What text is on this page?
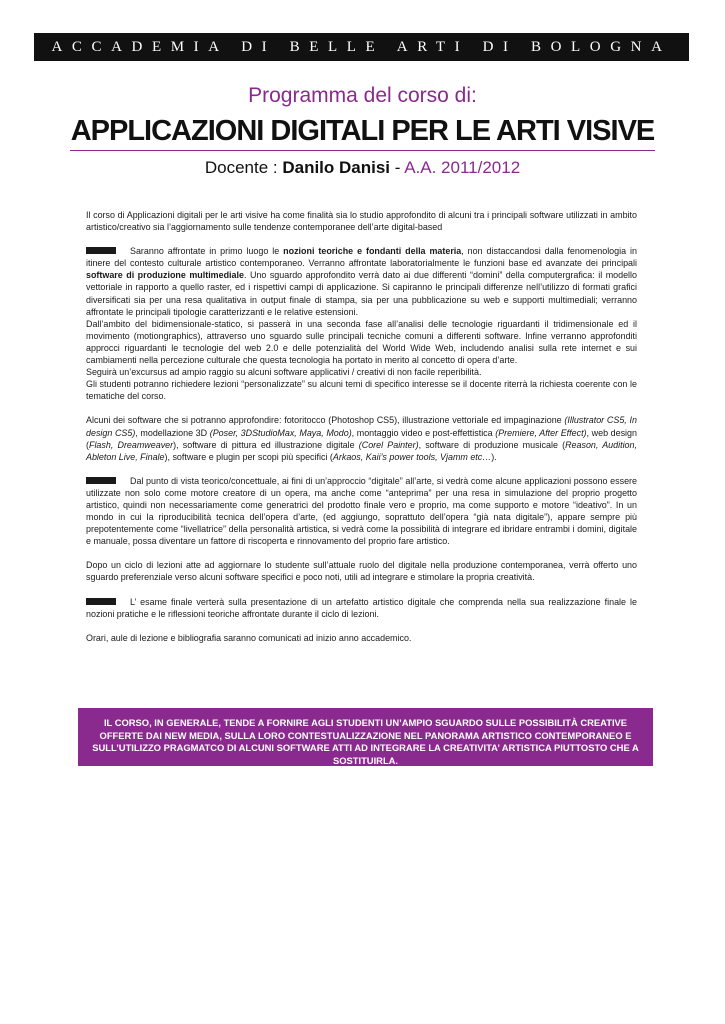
ACCADEMIA DI BELLE ARTI DI BOLOGNA
Programma del corso di:
APPLICAZIONI DIGITALI PER LE ARTI VISIVE
Docente : Danilo Danisi - A.A. 2011/2012

Il corso di Applicazioni digitali per le arti visive ha come finalità sia lo studio approfondito di alcuni tra i principali software utilizzati in ambito artistico/creativo sia l’aggiornamento sulle tendenze contemporanee dell’arte digital-based

Saranno affrontate in primo luogo le nozioni teoriche e fondanti della materia, non distaccandosi dalla fenomenologia in itinere del contesto culturale artistico contemporaneo. Verranno affrontate laboratorialmente le funzioni base ed avanzate dei principali software di produzione multimediale. Uno sguardo approfondito verrà dato ai due differenti “domini” della computergrafica: il modello vettoriale in rapporto a quello raster, ed i rispettivi campi di applicazione. Si capiranno le principali differenze nell’utilizzo di formati grafici diversificati sia per una resa qualitativa in output finale di stampa, sia per una pubblicazione su web e supporti multimediali; verranno affrontate le principali tipologie caratterizzanti e le relative estensioni.

Dall’ambito del bidimensionale-statico, si passerà in una seconda fase all’analisi delle tecnologie riguardanti il tridimensionale ed il movimento (motiongraphics), attraverso uno sguardo sulle principali tecniche comuni a differenti software. Infine verranno approfonditi approcci riguardanti le tecnologie del web 2.0 e delle potenzialità del World Wide Web, includendo analisi sulla rete internet e sui cambiamenti nella percezione culturale che questa tecnologia ha portato in merito al concetto di opera d’arte.

Seguirà un’excursus ad ampio raggio su alcuni software applicativi / creativi di non facile reperibilità.

Gli studenti potranno richiedere lezioni “personalizzate” su alcuni temi di specifico interesse se il docente riterrà la richiesta coerente con le tematiche del corso.

Alcuni dei software che si potranno approfondire: fotoritocco (Photoshop CS5), illustrazione vettoriale ed impaginazione (Illustrator CS5, In design CS5), modellazione 3D (Poser, 3DStudioMax, Maya, Modo), montaggio video e post-effettistica (Premiere, After Effect), web design (Flash, Dreamweaver), software di pittura ed illustrazione digitale (Corel Painter), software di produzione musicale (Reason, Audition, Ableton Live, Finale), software e plugin per scopi più specifici (Arkaos, Kaii’s power tools, Vjamm etc…).

Dal punto di vista teorico/concettuale, ai fini di un’approccio “digitale” all’arte, si vedrà come alcune applicazioni possono essere utilizzate non solo come motore creatore di un opera, ma anche come “anteprima” per una resa in simulazione del proprio progetto artistico, quindi non necessariamente come generatrici del prodotto finale vero e proprio, ma come supporto e motore “ideativo”. In un mondo in cui la riproducibilità tecnica dell’opera d’arte, (ed aggiungo, soprattuto dell’opera “già nata digitale”), appare sempre più prepotentemente come “livellatrice” della personalità artistica, si vedrà come la possibilità di integrare ed ibridare entrambi i domini, digitale e manuale, possa diventare un fattore di riscoperta e rinnovamento del proprio fare artistico.

Dopo un ciclo di lezioni atte ad aggiornare lo studente sull’attuale ruolo del digitale nella produzione contemporanea, verrà offerto uno sguardo preferenziale verso alcuni software specifici e poco noti, utili ad integrare e stimolare la propria creatività.

L’ esame finale verterà sulla presentazione di un artefatto artistico digitale che comprenda nella sua realizzazione finale le nozioni pratiche e le riflessioni teoriche affrontate durante il ciclo di lezioni.

Orari, aule di lezione e bibliografia saranno comunicati ad inizio anno accademico.

IL CORSO, IN GENERALE, TENDE A FORNIRE AGLI STUDENTI UN’AMPIO SGUARDO SULLE POSSIBILITÀ CREATIVE OFFERTE DAI NEW MEDIA, SULLA LORO CONTESTUALIZZAZIONE NEL PANORAMA ARTISTICO CONTEMPORANEO E SULL’UTILIZZO PRAGMATCO DI ALCUNI SOFTWARE ATTI AD INTEGRARE LA CREATIVITA’ ARTISTICA PIUTTOSTO CHE A SOSTITUIRLA.
